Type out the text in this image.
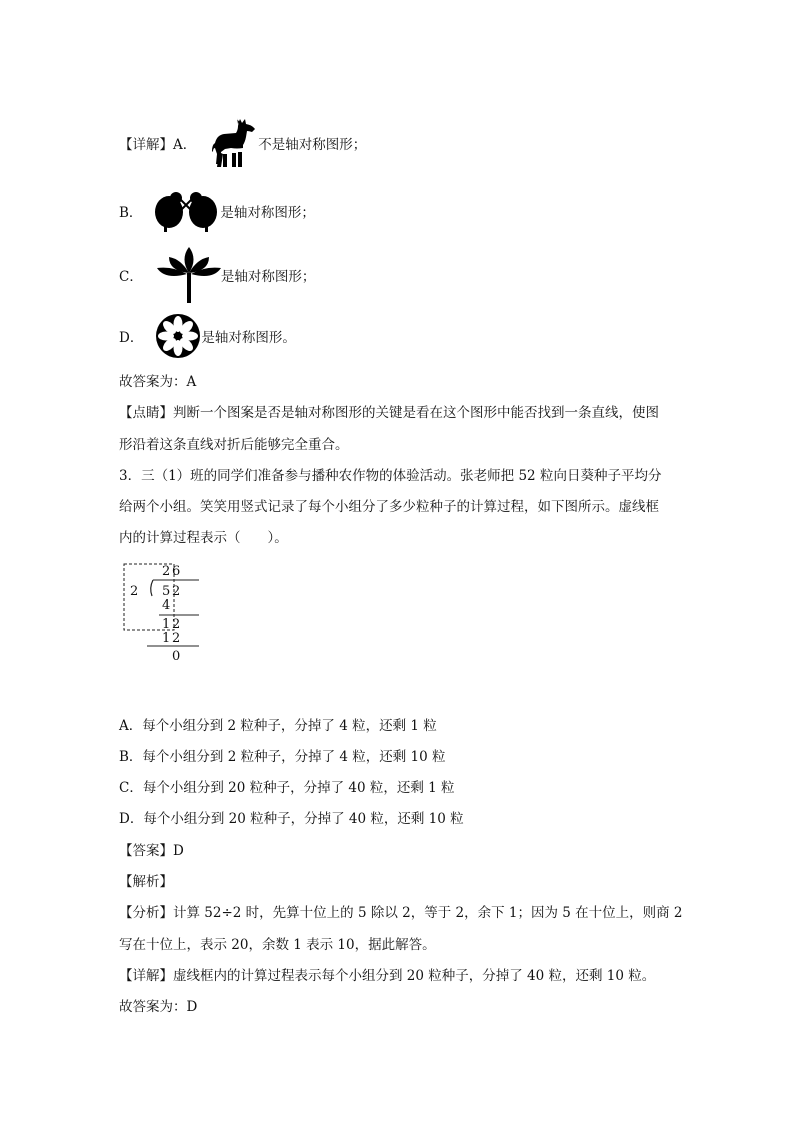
【详解】A．	不是轴对称图形；
B．	是轴对称图形；
C．	是轴对称图形；
D．	是轴对称图形。
故答案为：A
【点睛】判断一个图案是否是轴对称图形的关键是看在这个图形中能否找到一条直线，使图
形沿着这条直线对折后能够完全重合。
3．三（1）班的同学们准备参与播种农作物的体验活动。张老师把 52 粒向日葵种子平均分
给两个小组。笑笑用竖式记录了每个小组分了多少粒种子的计算过程，如下图所示。虚线框
内的计算过程表示（　　）。
2 6
2 5 2
4
1 2
1 2
0
A．每个小组分到 2 粒种子，分掉了 4 粒，还剩 1 粒
B．每个小组分到 2 粒种子，分掉了 4 粒，还剩 10 粒
C．每个小组分到 20 粒种子，分掉了 40 粒，还剩 1 粒
D．每个小组分到 20 粒种子，分掉了 40 粒，还剩 10 粒
【答案】D
【解析】
【分析】计算 52÷2 时，先算十位上的 5 除以 2，等于 2，余下 1；因为 5 在十位上，则商 2
写在十位上，表示 20，余数 1 表示 10，据此解答。
【详解】虚线框内的计算过程表示每个小组分到 20 粒种子，分掉了 40 粒，还剩 10 粒。
故答案为：D
